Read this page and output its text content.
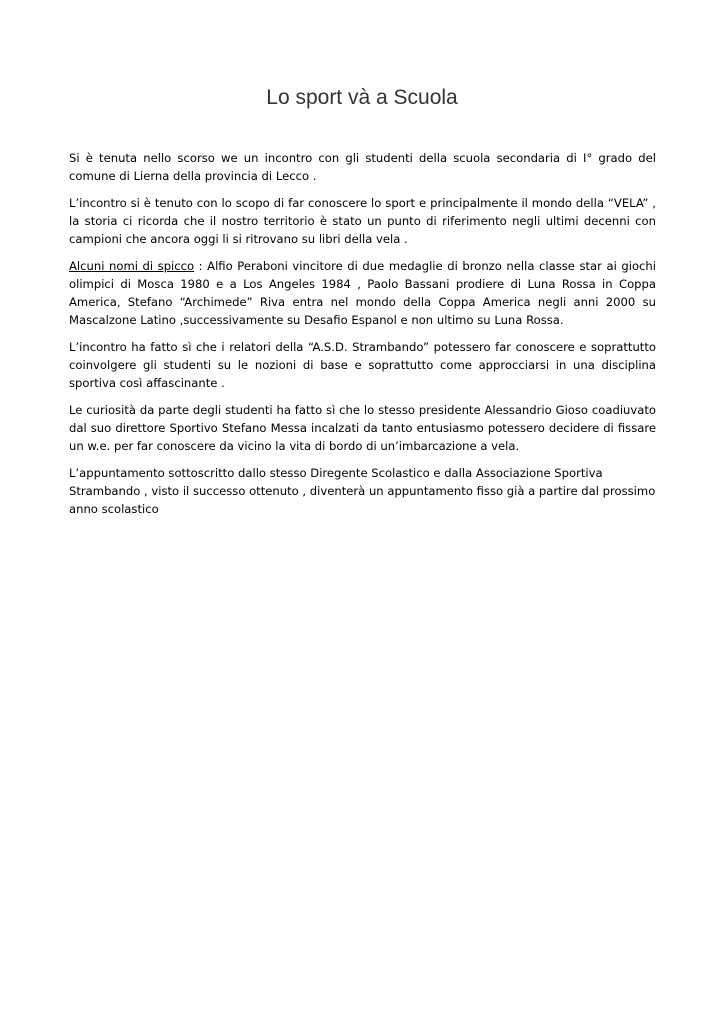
Lo sport và a Scuola

Si è tenuta nello scorso we un incontro con gli studenti della scuola secondaria di I° grado del comune di Lierna della provincia di Lecco .

L’incontro si è tenuto con lo scopo di far conoscere lo sport e principalmente il mondo della “VELA” , la storia ci ricorda che il nostro territorio è stato un punto di riferimento negli ultimi decenni con campioni che ancora oggi li si ritrovano su libri della vela .

Alcuni nomi di spicco : Alfio Peraboni vincitore di due medaglie di bronzo nella classe star ai giochi olimpici di Mosca 1980 e a Los Angeles 1984 , Paolo Bassani prodiere di Luna Rossa in Coppa America, Stefano “Archimede” Riva entra nel mondo della Coppa America negli anni 2000 su Mascalzone Latino ,successivamente su Desafio Espanol e non ultimo su Luna Rossa.

L’incontro ha fatto sì che i relatori della “A.S.D. Strambando” potessero far conoscere e soprattutto coinvolgere gli studenti su le nozioni di base e soprattutto come approcciarsi in una disciplina sportiva così affascinante .

Le curiosità da parte degli studenti ha fatto sì che lo stesso presidente Alessandrio Gioso coadiuvato dal suo direttore Sportivo Stefano Messa incalzati da tanto entusiasmo potessero decidere di fissare un w.e. per far conoscere da vicino la vita di bordo di un’imbarcazione a vela.

L’appuntamento sottoscritto dallo stesso Diregente Scolastico e dalla Associazione Sportiva Strambando , visto il successo ottenuto , diventerà un appuntamento fisso già a partire dal prossimo anno scolastico
